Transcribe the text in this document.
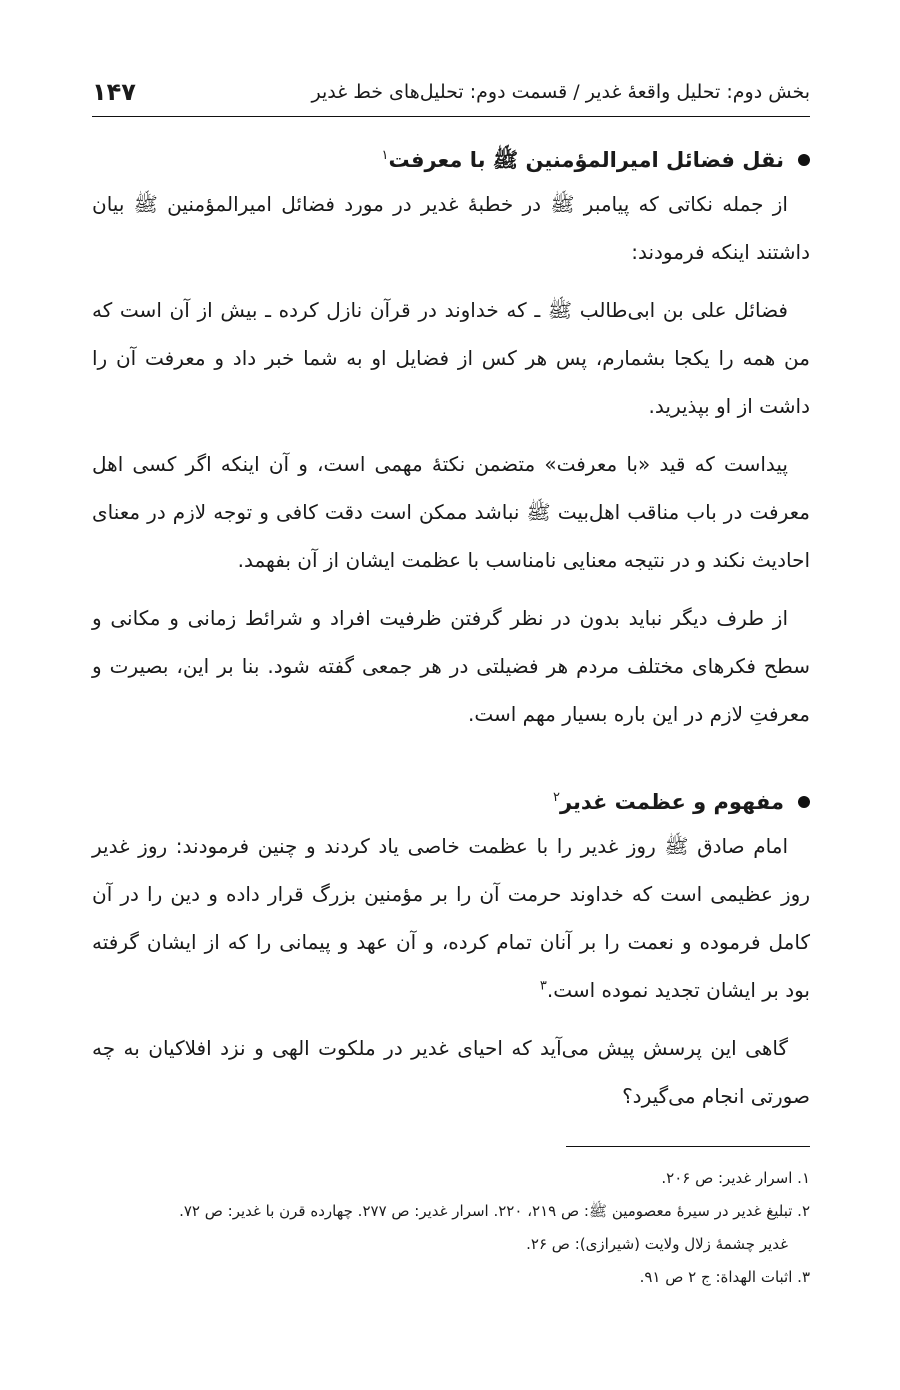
بخش دوم: تحلیل واقعهٔ غدیر / قسمت دوم: تحلیل‌های خط غدیر
۱۴۷
نقل فضائل امیرالمؤمنین ﷺ با معرفت$^۱$

از جمله نکاتی که پیامبر ﷺ در خطبهٔ غدیر در مورد فضائل امیرالمؤمنین ﷺ بیان داشتند اینکه فرمودند:

فضائل علی بن ابی‌طالب ﷺ ـ که خداوند در قرآن نازل کرده ـ بیش از آن است که من همه را یکجا بشمارم، پس هر کس از فضایل او به شما خبر داد و معرفت آن را داشت از او بپذیرید.

پیداست که قید «با معرفت» متضمن نکتهٔ مهمی است، و آن اینکه اگر کسی اهل معرفت در باب مناقب اهل‌بیت ﷺ نباشد ممکن است دقت کافی و توجه لازم در معنای احادیث نکند و در نتیجه معنایی نامناسب با عظمت ایشان از آن بفهمد.

از طرف دیگر نباید بدون در نظر گرفتن ظرفیت افراد و شرائط زمانی و مکانی و سطح فکرهای مختلف مردم هر فضیلتی در هر جمعی گفته شود. بنا بر این، بصیرت و معرفتِ لازم در این باره بسیار مهم است.

مفهوم و عظمت غدیر$^۲$

امام صادق ﷺ روز غدیر را با عظمت خاصی یاد کردند و چنین فرمودند: روز غدیر روز عظیمی است که خداوند حرمت آن را بر مؤمنین بزرگ قرار داده و دین را در آن کامل فرموده و نعمت را بر آنان تمام کرده، و آن عهد و پیمانی را که از ایشان گرفته بود بر ایشان تجدید نموده است.$^۳$

گاهی این پرسش پیش می‌آید که احیای غدیر در ملکوت الهی و نزد افلاکیان به چه صورتی انجام می‌گیرد؟

۱. اسرار غدیر: ص ۲۰۶.

۲. تبلیغ غدیر در سیرهٔ معصومین ﷺ: ص ۲۱۹، ۲۲۰. اسرار غدیر: ص ۲۷۷. چهارده قرن با غدیر: ص ۷۲.

غدیر چشمهٔ زلال ولایت (شیرازی): ص ۲۶.

۳. اثبات الهداة: ج ۲ ص ۹۱.
